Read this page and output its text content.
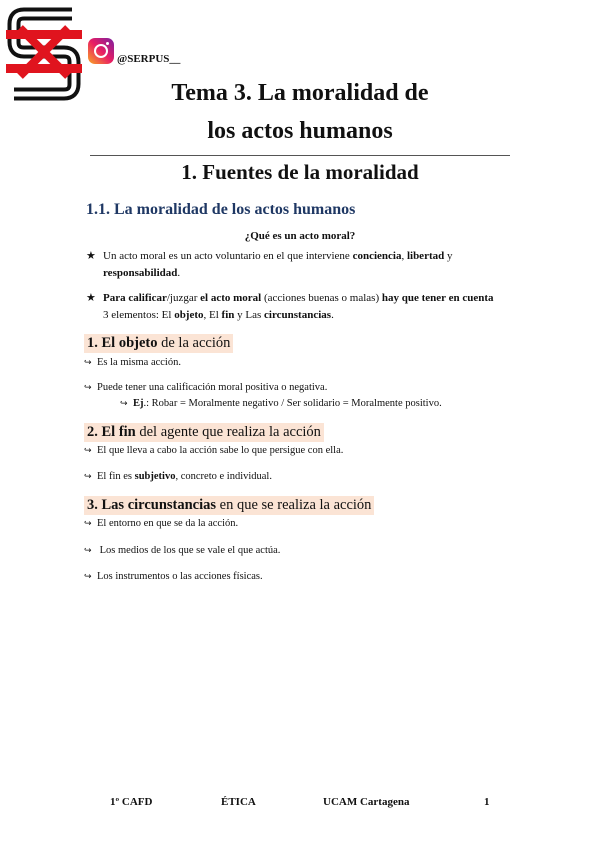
@SERPUS__
Tema 3. La moralidad de
los actos humanos
1. Fuentes de la moralidad
1.1. La moralidad de los actos humanos
¿Qué es un acto moral?
★ Un acto moral es un acto voluntario en el que interviene conciencia, libertad y responsabilidad.
★ Para calificar/juzgar el acto moral (acciones buenas o malas) hay que tener en cuenta 3 elementos: El objeto, El fin y Las circunstancias.
1. El objeto de la acción
↪ Es la misma acción.
↪ Puede tener una calificación moral positiva o negativa.
↪ Ej.: Robar = Moralmente negativo / Ser solidario = Moralmente positivo.
2. El fin del agente que realiza la acción
↪ El que lleva a cabo la acción sabe lo que persigue con ella.
↪ El fin es subjetivo, concreto e individual.
3. Las circunstancias en que se realiza la acción
↪ El entorno en que se da la acción.
↪ Los medios de los que se vale el que actúa.
↪ Los instrumentos o las acciones físicas.
1º CAFD	ÉTICA	UCAM Cartagena	1
